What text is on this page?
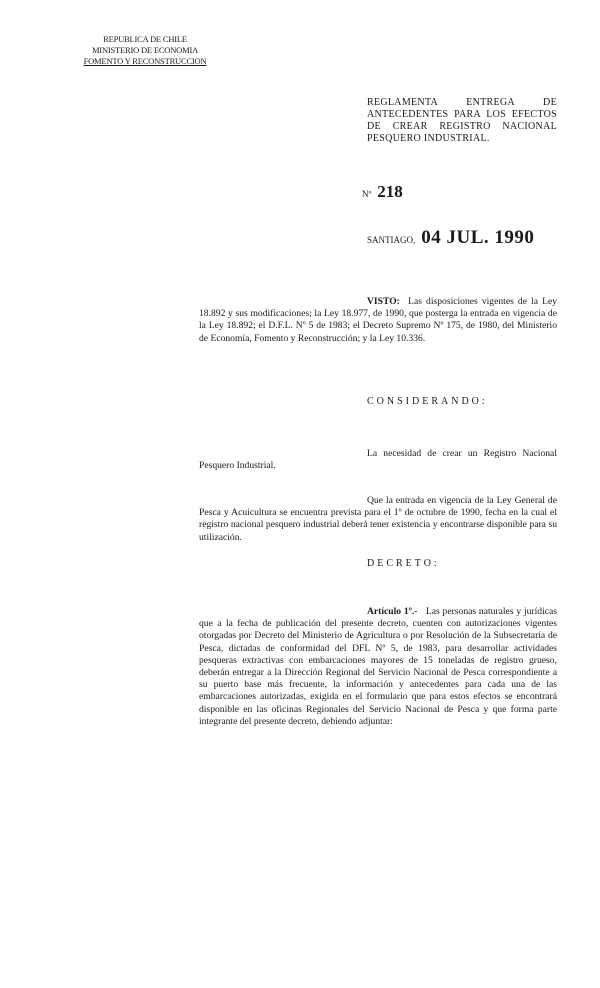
REPUBLICA DE CHILE
MINISTERIO DE ECONOMIA
FOMENTO Y RECONSTRUCCION
REGLAMENTA ENTREGA DE ANTECEDENTES PARA LOS EFECTOS DE CREAR REGISTRO NACIONAL PESQUERO INDUSTRIAL.
Nº 218
SANTIAGO, 04 JUL. 1990
VISTO: Las disposiciones vigentes de la Ley 18.892 y sus modificaciones; la Ley 18.977, de 1990, que posterga la entrada en vigencia de la Ley 18.892; el D.F.L. Nº 5 de 1983; el Decreto Supremo Nº 175, de 1980, del Ministerio de Economía, Fomento y Reconstrucción; y la Ley 10.336.
CONSIDERANDO:
La necesidad de crear un Registro Nacional Pesquero Industrial.
Que la entrada en vigencia de la Ley General de Pesca y Acuicultura se encuentra prevista para el 1º de octubre de 1990, fecha en la cual el registro nacional pesquero industrial deberá tener existencia y encontrarse disponible para su utilización.
DECRETO:
Artículo 1º.- Las personas naturales y jurídicas que a la fecha de publicación del presente decreto, cuenten con autorizaciones vigentes otorgadas por Decreto del Ministerio de Agricultura o por Resolución de la Subsecretaría de Pesca, dictadas de conformidad del DFL Nº 5, de 1983, para desarrollar actividades pesqueras extractivas con embarcaciones mayores de 15 toneladas de registro grueso, deberán entregar a la Dirección Regional del Servicio Nacional de Pesca correspondiente a su puerto base más frecuente, la información y antecedentes para cada una de las embarcaciones autorizadas, exigida en el formulario que para estos efectos se encontrará disponible en las oficinas Regionales del Servicio Nacional de Pesca y que forma parte integrante del presente decreto, debiendo adjuntar:
